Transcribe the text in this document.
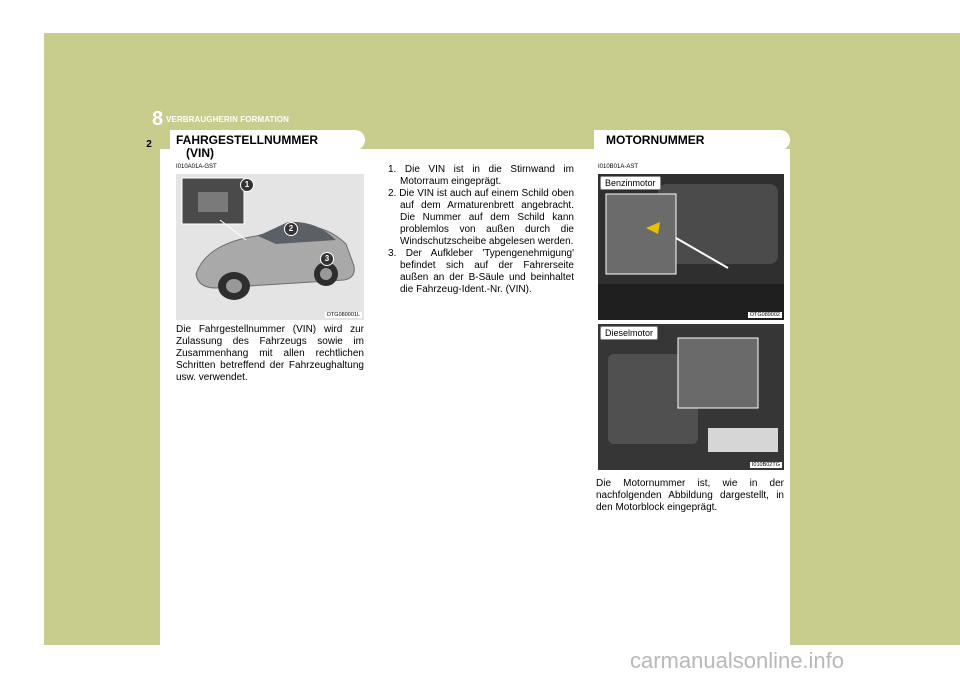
8 VERBRAUGHERIN FORMATION
2	FAHRGESTELLNUMMER
(VIN)
MOTORNUMMER
I010A01A-GST
1
2
3
OTG080001L
Die Fahrgestellnummer (VIN) wird zur Zulassung des Fahrzeugs sowie im Zusammenhang mit allen rechtlichen Schritten betreffend der Fahrzeughaltung usw. verwendet.
1. Die VIN ist in die Stirnwand im Motorraum eingeprägt.
2. Die VIN ist auch auf einem Schild oben auf dem Armaturenbrett angebracht. Die Nummer auf dem Schild kann problemlos von außen durch die Windschutzscheibe abgelesen werden.
3. Der Aufkleber 'Typengenehmigung' befindet sich auf der Fahrerseite außen an der B-Säule und beinhaltet die Fahrzeug-Ident.-Nr. (VIN).
I010B01A-AST
Benzinmotor
OTG089002
Dieselmotor
I010B02TG
Die Motornummer ist, wie in der nachfolgenden Abbildung dargestellt, in den Motorblock eingeprägt.
carmanualsonline.info
